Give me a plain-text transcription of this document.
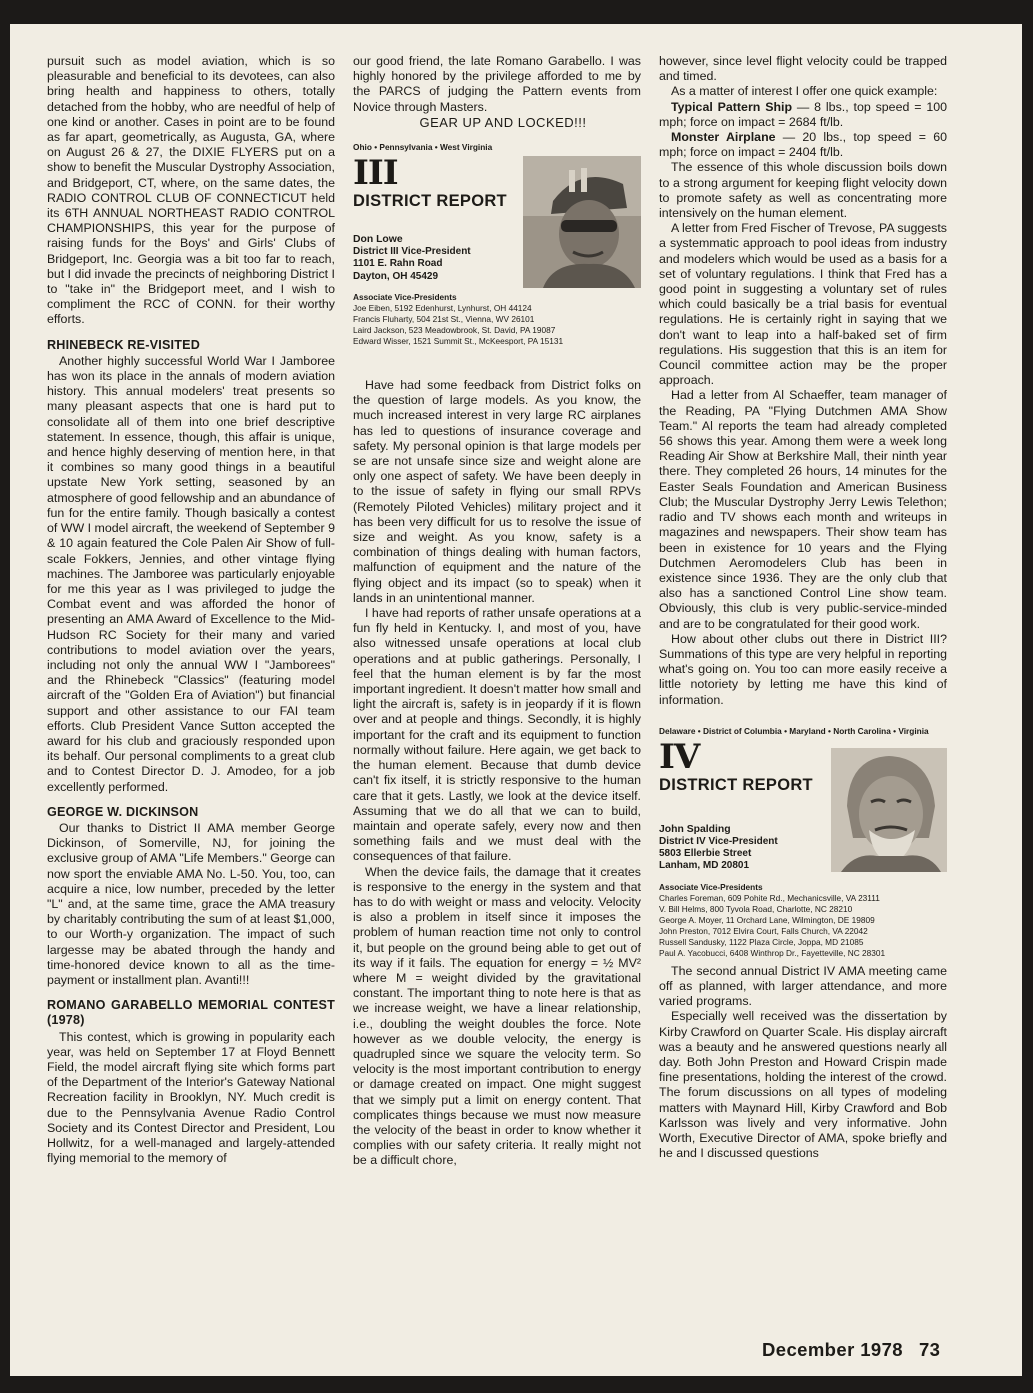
pursuit such as model aviation, which is so pleasurable and beneficial to its devotees, can also bring health and happiness to others, totally detached from the hobby, who are needful of help of one kind or another. Cases in point are to be found as far apart, geometrically, as Augusta, GA, where on August 26 & 27, the DIXIE FLYERS put on a show to benefit the Muscular Dystrophy Association, and Bridgeport, CT, where, on the same dates, the RADIO CONTROL CLUB OF CONNECTICUT held its 6TH ANNUAL NORTHEAST RADIO CONTROL CHAMPIONSHIPS, this year for the purpose of raising funds for the Boys' and Girls' Clubs of Bridgeport, Inc. Georgia was a bit too far to reach, but I did invade the precincts of neighboring District I to "take in" the Bridgeport meet, and I wish to compliment the RCC of CONN. for their worthy efforts.

RHINEBECK RE-VISITED

Another highly successful World War I Jamboree has won its place in the annals of modern aviation history. This annual modelers' treat presents so many pleasant aspects that one is hard put to consolidate all of them into one brief descriptive statement. In essence, though, this affair is unique, and hence highly deserving of mention here, in that it combines so many good things in a beautiful upstate New York setting, seasoned by an atmosphere of good fellowship and an abundance of fun for the entire family. Though basically a contest of WW I model aircraft, the weekend of September 9 & 10 again featured the Cole Palen Air Show of full-scale Fokkers, Jennies, and other vintage flying machines. The Jamboree was particularly enjoyable for me this year as I was privileged to judge the Combat event and was afforded the honor of presenting an AMA Award of Excellence to the Mid-Hudson RC Society for their many and varied contributions to model aviation over the years, including not only the annual WW I "Jamborees" and the Rhinebeck "Classics" (featuring model aircraft of the "Golden Era of Aviation") but financial support and other assistance to our FAI team efforts. Club President Vance Sutton accepted the award for his club and graciously responded upon its behalf. Our personal compliments to a great club and to Contest Director D. J. Amodeo, for a job excellently performed.

GEORGE W. DICKINSON

Our thanks to District II AMA member George Dickinson, of Somerville, NJ, for joining the exclusive group of AMA "Life Members." George can now sport the enviable AMA No. L-50. You, too, can acquire a nice, low number, preceded by the letter "L" and, at the same time, grace the AMA treasury by charitably contributing the sum of at least $1,000, to our Worth-y organization. The impact of such largesse may be abated through the handy and time-honored device known to all as the time-payment or installment plan. Avanti!!!

ROMANO GARABELLO MEMORIAL CONTEST (1978)

This contest, which is growing in popularity each year, was held on September 17 at Floyd Bennett Field, the model aircraft flying site which forms part of the Department of the Interior's Gateway National Recreation facility in Brooklyn, NY. Much credit is due to the Pennsylvania Avenue Radio Control Society and its Contest Director and President, Lou Hollwitz, for a well-managed and largely-attended flying memorial to the memory of

our good friend, the late Romano Garabello. I was highly honored by the privilege afforded to me by the PARCS of judging the Pattern events from Novice through Masters.

GEAR UP AND LOCKED!!!

Ohio • Pennsylvania • West Virginia
III
DISTRICT REPORT
Don Lowe
District III Vice-President
1101 E. Rahn Road
Dayton, OH 45429
Associate Vice-Presidents
Joe Eiben, 5192 Edenhurst, Lynhurst, OH 44124
Francis Fluharty, 504 21st St., Vienna, WV 26101
Laird Jackson, 523 Meadowbrook, St. David, PA 19087
Edward Wisser, 1521 Summit St., McKeesport, PA 15131

Have had some feedback from District folks on the question of large models. As you know, the much increased interest in very large RC airplanes has led to questions of insurance coverage and safety. My personal opinion is that large models per se are not unsafe since size and weight alone are only one aspect of safety. We have been deeply in to the issue of safety in flying our small RPVs (Remotely Piloted Vehicles) military project and it has been very difficult for us to resolve the issue of size and weight. As you know, safety is a combination of things dealing with human factors, malfunction of equipment and the nature of the flying object and its impact (so to speak) when it lands in an unintentional manner.

I have had reports of rather unsafe operations at a fun fly held in Kentucky. I, and most of you, have also witnessed unsafe operations at local club operations and at public gatherings. Personally, I feel that the human element is by far the most important ingredient. It doesn't matter how small and light the aircraft is, safety is in jeopardy if it is flown over and at people and things. Secondly, it is highly important for the craft and its equipment to function normally without failure. Here again, we get back to the human element. Because that dumb device can't fix itself, it is strictly responsive to the human care that it gets. Lastly, we look at the device itself. Assuming that we do all that we can to build, maintain and operate safely, every now and then something fails and we must deal with the consequences of that failure.

When the device fails, the damage that it creates is responsive to the energy in the system and that has to do with weight or mass and velocity. Velocity is also a problem in itself since it imposes the problem of human reaction time not only to control it, but people on the ground being able to get out of its way if it fails. The equation for energy = ½ MV² where M = weight divided by the gravitational constant. The important thing to note here is that as we increase weight, we have a linear relationship, i.e., doubling the weight doubles the force. Note however as we double velocity, the energy is quadrupled since we square the velocity term. So velocity is the most important contribution to energy or damage created on impact. One might suggest that we simply put a limit on energy content. That complicates things because we must now measure the velocity of the beast in order to know whether it complies with our safety criteria. It really might not be a difficult chore,

however, since level flight velocity could be trapped and timed.

As a matter of interest I offer one quick example:

Typical Pattern Ship — 8 lbs., top speed = 100 mph; force on impact = 2684 ft/lb.

Monster Airplane — 20 lbs., top speed = 60 mph; force on impact = 2404 ft/lb.

The essence of this whole discussion boils down to a strong argument for keeping flight velocity down to promote safety as well as concentrating more intensively on the human element.

A letter from Fred Fischer of Trevose, PA suggests a systemmatic approach to pool ideas from industry and modelers which would be used as a basis for a set of voluntary regulations. I think that Fred has a good point in suggesting a voluntary set of rules which could basically be a trial basis for eventual regulations. He is certainly right in saying that we don't want to leap into a half-baked set of firm regulations. His suggestion that this is an item for Council committee action may be the proper approach.

Had a letter from Al Schaeffer, team manager of the Reading, PA "Flying Dutchmen AMA Show Team." Al reports the team had already completed 56 shows this year. Among them were a week long Reading Air Show at Berkshire Mall, their ninth year there. They completed 26 hours, 14 minutes for the Easter Seals Foundation and American Business Club; the Muscular Dystrophy Jerry Lewis Telethon; radio and TV shows each month and writeups in magazines and newspapers. Their show team has been in existence for 10 years and the Flying Dutchmen Aeromodelers Club has been in existence since 1936. They are the only club that also has a sanctioned Control Line show team. Obviously, this club is very public-service-minded and are to be congratulated for their good work.

How about other clubs out there in District III? Summations of this type are very helpful in reporting what's going on. You too can more easily receive a little notoriety by letting me have this kind of information.

Delaware • District of Columbia • Maryland • North Carolina • Virginia
IV
DISTRICT REPORT
John Spalding
District IV Vice-President
5803 Ellerbie Street
Lanham, MD 20801
Associate Vice-Presidents
Charles Foreman, 609 Pohite Rd., Mechanicsville, VA 23111
V. Bill Helms, 800 Tyvola Road, Charlotte, NC 28210
George A. Moyer, 11 Orchard Lane, Wilmington, DE 19809
John Preston, 7012 Elvira Court, Falls Church, VA 22042
Russell Sandusky, 1122 Plaza Circle, Joppa, MD 21085
Paul A. Yacobucci, 6408 Winthrop Dr., Fayetteville, NC 28301

The second annual District IV AMA meeting came off as planned, with larger attendance, and more varied programs.

Especially well received was the dissertation by Kirby Crawford on Quarter Scale. His display aircraft was a beauty and he answered questions nearly all day. Both John Preston and Howard Crispin made fine presentations, holding the interest of the crowd. The forum discussions on all types of modeling matters with Maynard Hill, Kirby Crawford and Bob Karlsson was lively and very informative. John Worth, Executive Director of AMA, spoke briefly and he and I discussed questions

December 1978 73
